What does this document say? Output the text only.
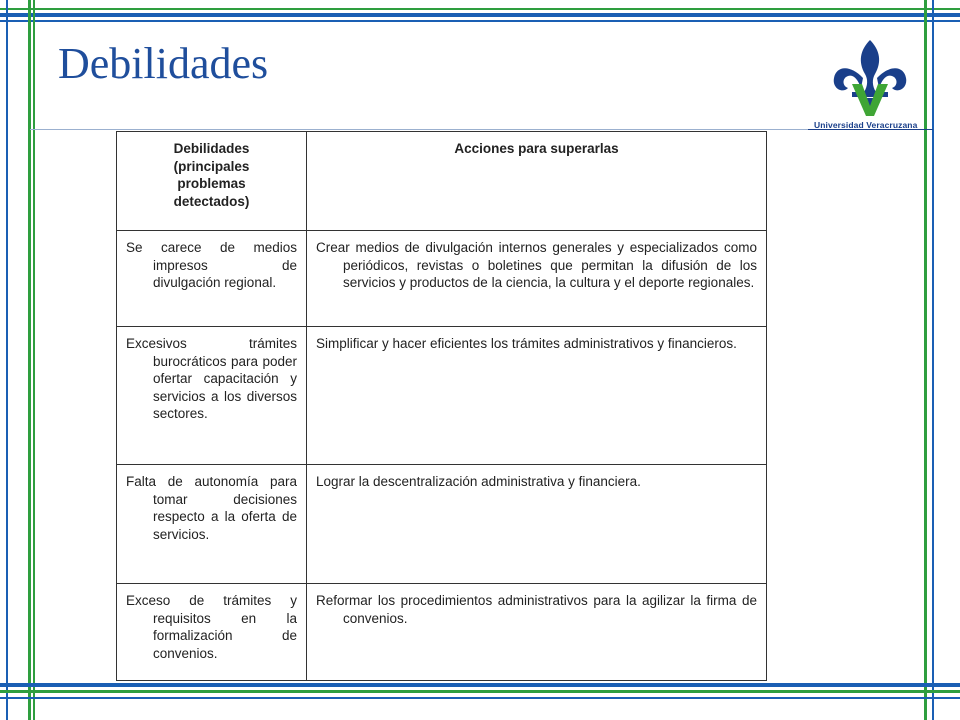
Debilidades
Universidad Veracruzana
Debilidades (principales problemas detectados)	Acciones para superarlas
Se carece de medios impresos de divulgación regional.	Crear medios de divulgación internos generales y especializados como periódicos, revistas o boletines que permitan la difusión de los servicios y productos de la ciencia, la cultura y el deporte regionales.
Excesivos trámites burocráticos para poder ofertar capacitación y servicios a los diversos sectores.	Simplificar y hacer eficientes los trámites administrativos y financieros.
Falta de autonomía para tomar decisiones respecto a la oferta de servicios.	Lograr la descentralización administrativa y financiera.
Exceso de trámites y requisitos en la formalización de convenios.	Reformar los procedimientos administrativos para la agilizar la firma de convenios.
